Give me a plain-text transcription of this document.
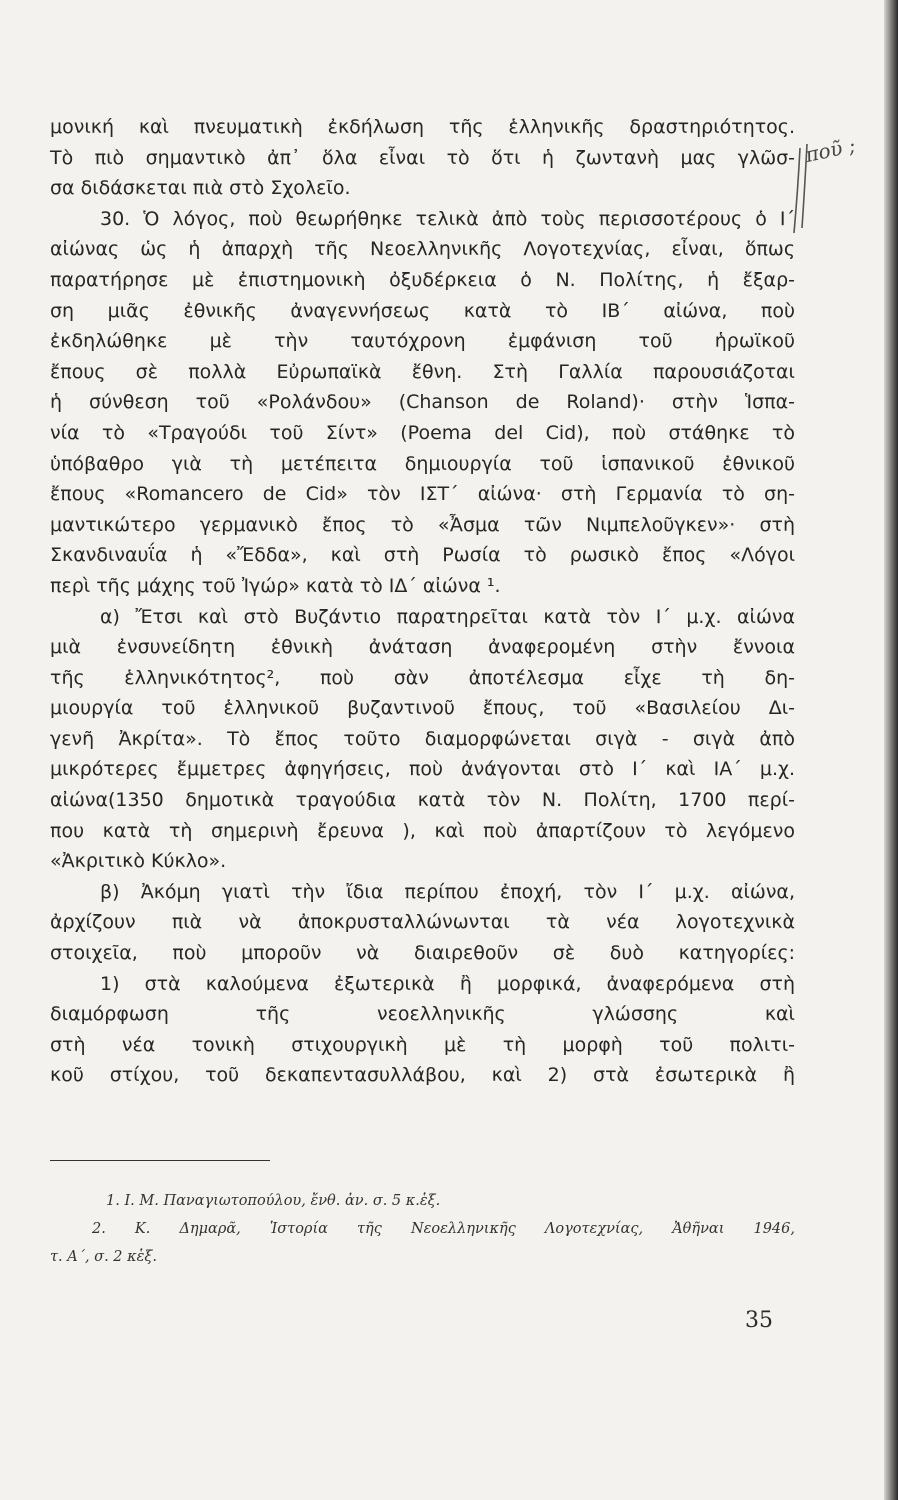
μονική καὶ πνευματικὴ ἐκδήλωση τῆς ἑλληνικῆς δραστηριότητος.
Τὸ πιὸ σημαντικὸ ἀπ᾽ ὅλα εἶναι τὸ ὅτι ἡ ζωντανὴ μας γλῶσ-
σα διδάσκεται πιὰ στὸ Σχολεῖο.
30. Ὁ λόγος, ποὺ θεωρήθηκε τελικὰ ἀπὸ τοὺς περισσοτέρους ὁ Ι´
αἰώνας ὡς ἡ ἀπαρχὴ τῆς Νεοελληνικῆς Λογοτεχνίας, εἶναι, ὅπως
παρατήρησε μὲ ἐπιστημονικὴ ὀξυδέρκεια ὁ Ν. Πολίτης, ἡ ἔξαρ-
ση μιᾶς ἐθνικῆς ἀναγεννήσεως κατὰ τὸ ΙΒ´ αἰώνα, ποὺ
ἐκδηλώθηκε μὲ τὴν ταυτόχρονη ἐμφάνιση τοῦ ἡρωϊκοῦ
ἔπους σὲ πολλὰ Εὐρωπαϊκὰ ἔθνη. Στὴ Γαλλία παρουσιάζοται
ἡ σύνθεση τοῦ «Ρολάνδου» (Chanson de Roland)· στὴν Ἱσπα-
νία τὸ «Τραγούδι τοῦ Σίντ» (Poema del Cid), ποὺ στάθηκε τὸ
ὑπόβαθρο γιὰ τὴ μετέπειτα δημιουργία τοῦ ἱσπανικοῦ ἐθνικοῦ
ἔπους «Romancero de Cid» τὸν ΙΣΤ´ αἰώνα· στὴ Γερμανία τὸ ση-
μαντικώτερο γερμανικὸ ἔπος τὸ «Ἆσμα τῶν Νιμπελοῦγκεν»· στὴ
Σκανδιναυΐα ἡ «Ἔδδα», καὶ στὴ Ρωσία τὸ ρωσικὸ ἔπος «Λόγοι
περὶ τῆς μάχης τοῦ Ἰγώρ» κατὰ τὸ ΙΔ´ αἰώνα ¹.
α) Ἔτσι καὶ στὸ Βυζάντιο παρατηρεῖται κατὰ τὸν Ι´ μ.χ. αἰώνα
μιὰ ἐνσυνείδητη ἐθνικὴ ἀνάταση ἀναφερομένη στὴν ἔννοια
τῆς ἑλληνικότητος², ποὺ σὰν ἀποτέλεσμα εἶχε τὴ δη-
μιουργία τοῦ ἑλληνικοῦ βυζαντινοῦ ἔπους, τοῦ «Βασιλείου Δι-
γενῆ Ἀκρίτα». Τὸ ἔπος τοῦτο διαμορφώνεται σιγὰ - σιγὰ ἀπὸ
μικρότερες ἔμμετρες ἀφηγήσεις, ποὺ ἀνάγονται στὸ Ι´ καὶ ΙΑ´ μ.χ.
αἰώνα(1350 δημοτικὰ τραγούδια κατὰ τὸν Ν. Πολίτη, 1700 περί-
που κατὰ τὴ σημερινὴ ἔρευνα ), καὶ ποὺ ἀπαρτίζουν τὸ λεγόμενο
«Ἀκριτικὸ Κύκλο».
β) Ἀκόμη γιατὶ τὴν ἴδια περίπου ἐποχή, τὸν Ι´ μ.χ. αἰώνα,
ἀρχίζουν πιὰ νὰ ἀποκρυσταλλώνωνται τὰ νέα λογοτεχνικὰ
στοιχεῖα, ποὺ μποροῦν νὰ διαιρεθοῦν σὲ δυὸ κατηγορίες:
1) στὰ καλούμενα ἐξωτερικὰ ἢ μορφικά, ἀναφερόμενα στὴ
διαμόρφωση τῆς νεοελληνικῆς γλώσσης καὶ
στὴ νέα τονικὴ στιχουργικὴ μὲ τὴ μορφὴ τοῦ πολιτι-
κοῦ στίχου, τοῦ δεκαπεντασυλλάβου, καὶ 2) στὰ ἐσωτερικὰ ἢ
1. Ι. Μ. Παναγιωτοπούλου, ἔνθ. ἀν. σ. 5 κ.ἑξ.
2. Κ. Δημαρᾶ, Ἱστορία τῆς Νεοελληνικῆς Λογοτεχνίας, Ἀθῆναι 1946,
τ. Α´, σ. 2 κἑξ.
35
ποῦ ;
